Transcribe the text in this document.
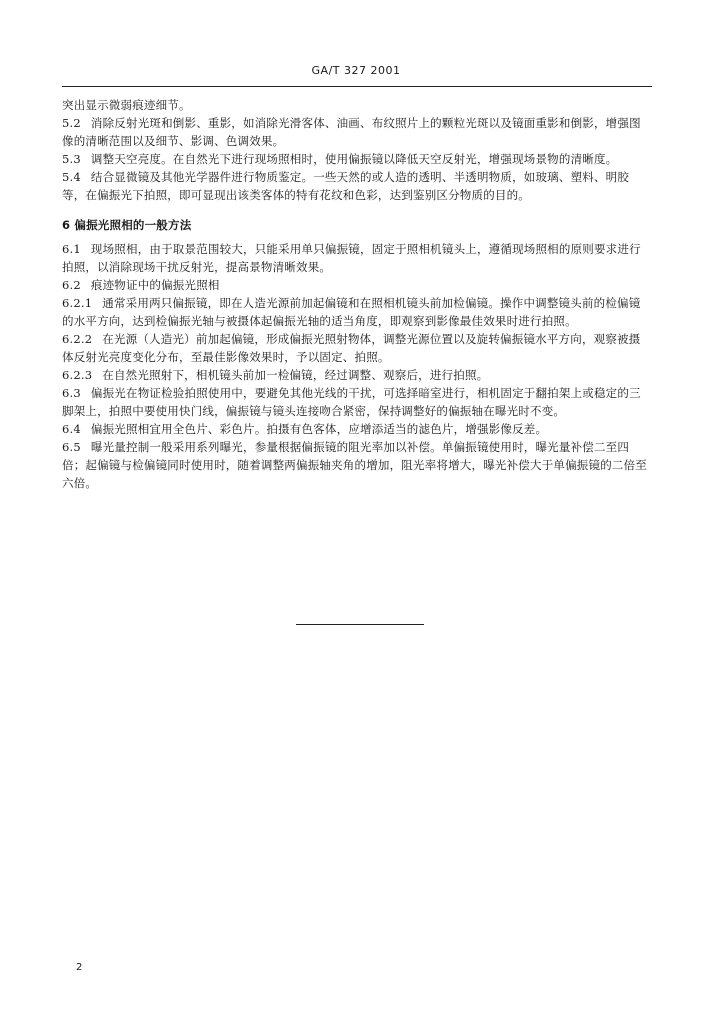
GA/T 327 2001

突出显示微弱痕迹细节。

5.2 消除反射光斑和倒影、重影，如消除光滑客体、油画、布纹照片上的颗粒光斑以及镜面重影和倒影，增强图像的清晰范围以及细节、影调、色调效果。

5.3 调整天空亮度。在自然光下进行现场照相时，使用偏振镜以降低天空反射光，增强现场景物的清晰度。

5.4 结合显微镜及其他光学器件进行物质鉴定。一些天然的或人造的透明、半透明物质，如玻璃、塑料、明胶等，在偏振光下拍照，即可显现出该类客体的特有花纹和色彩，达到鉴别区分物质的目的。

6 偏振光照相的一般方法

6.1 现场照相，由于取景范围较大，只能采用单只偏振镜，固定于照相机镜头上，遵循现场照相的原则要求进行拍照，以消除现场干扰反射光，提高景物清晰效果。

6.2 痕迹物证中的偏振光照相

6.2.1 通常采用两只偏振镜，即在人造光源前加起偏镜和在照相机镜头前加检偏镜。操作中调整镜头前的检偏镜的水平方向，达到检偏振光轴与被摄体起偏振光轴的适当角度，即观察到影像最佳效果时进行拍照。

6.2.2 在光源（人造光）前加起偏镜，形成偏振光照射物体，调整光源位置以及旋转偏振镜水平方向，观察被摄体反射光亮度变化分布，至最佳影像效果时，予以固定、拍照。

6.2.3 在自然光照射下，相机镜头前加一检偏镜，经过调整、观察后，进行拍照。

6.3 偏振光在物证检验拍照使用中，要避免其他光线的干扰，可选择暗室进行，相机固定于翻拍架上或稳定的三脚架上，拍照中要使用快门线，偏振镜与镜头连接吻合紧密，保持调整好的偏振轴在曝光时不变。

6.4 偏振光照相宜用全色片、彩色片。拍摄有色客体，应增添适当的滤色片，增强影像反差。

6.5 曝光量控制一般采用系列曝光，参量根据偏振镜的阻光率加以补偿。单偏振镜使用时，曝光量补偿二至四倍；起偏镜与检偏镜同时使用时，随着调整两偏振轴夹角的增加，阻光率将增大，曝光补偿大于单偏振镜的二倍至六倍。

2
